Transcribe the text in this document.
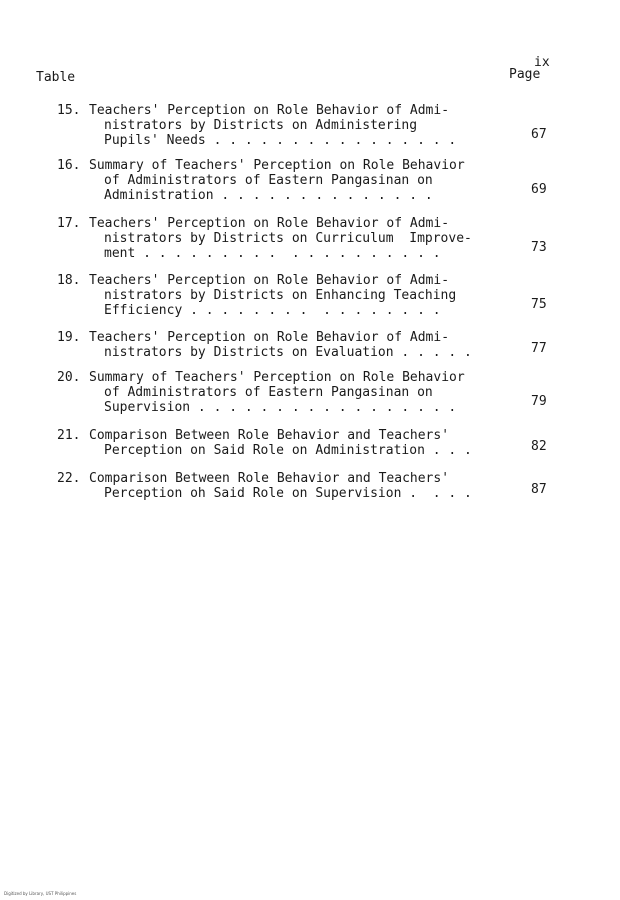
ix
Table	Page
15. Teachers' Perception on Role Behavior of Admi-
nistrators by Districts on Administering
Pupils' Needs . . . . . . . . . . . . . . . .	67
16. Summary of Teachers' Perception on Role Behavior
of Administrators of Eastern Pangasinan on
Administration . . . . . . . . . . . . . .	69
17. Teachers' Perception on Role Behavior of Admi-
nistrators by Districts on Curriculum  Improve-
ment . . . . . . . . .  . . . . . . . . . .	73
18. Teachers' Perception on Role Behavior of Admi-
nistrators by Districts on Enhancing Teaching
Efficiency . . . . . . . .  . . . . . . . .	75
19. Teachers' Perception on Role Behavior of Admi-
nistrators by Districts on Evaluation . . . . .	77
20. Summary of Teachers' Perception on Role Behavior
of Administrators of Eastern Pangasinan on
Supervision . . . . . . . . . . . . . . . . .	79
21. Comparison Between Role Behavior and Teachers'
Perception on Said Role on Administration . . .	82
22. Comparison Between Role Behavior and Teachers'
Perception oh Said Role on Supervision .  . . .	87
Digitized by Library, UST Philippines
